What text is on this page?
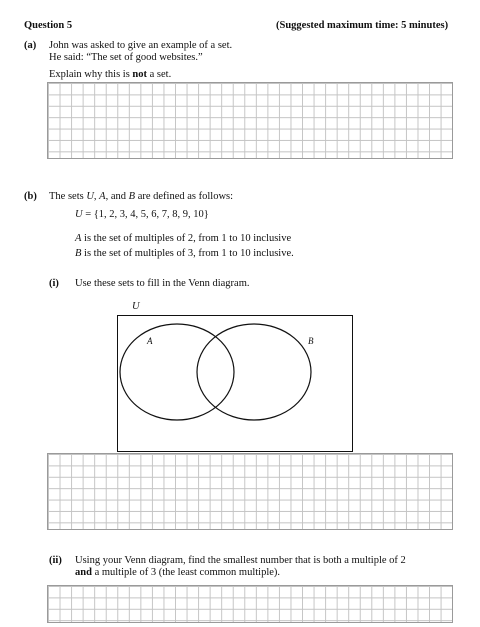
Question 5	(Suggested maximum time: 5 minutes)
(a) John was asked to give an example of a set.
He said: “The set of good websites.”
Explain why this is not a set.
(b) The sets U, A, and B are defined as follows:
U = {1, 2, 3, 4, 5, 6, 7, 8, 9, 10}
A is the set of multiples of 2, from 1 to 10 inclusive
B is the set of multiples of 3, from 1 to 10 inclusive.
(i) Use these sets to fill in the Venn diagram.
U
A	B
(ii) Using your Venn diagram, find the smallest number that is both a multiple of 2
and a multiple of 3 (the least common multiple).
